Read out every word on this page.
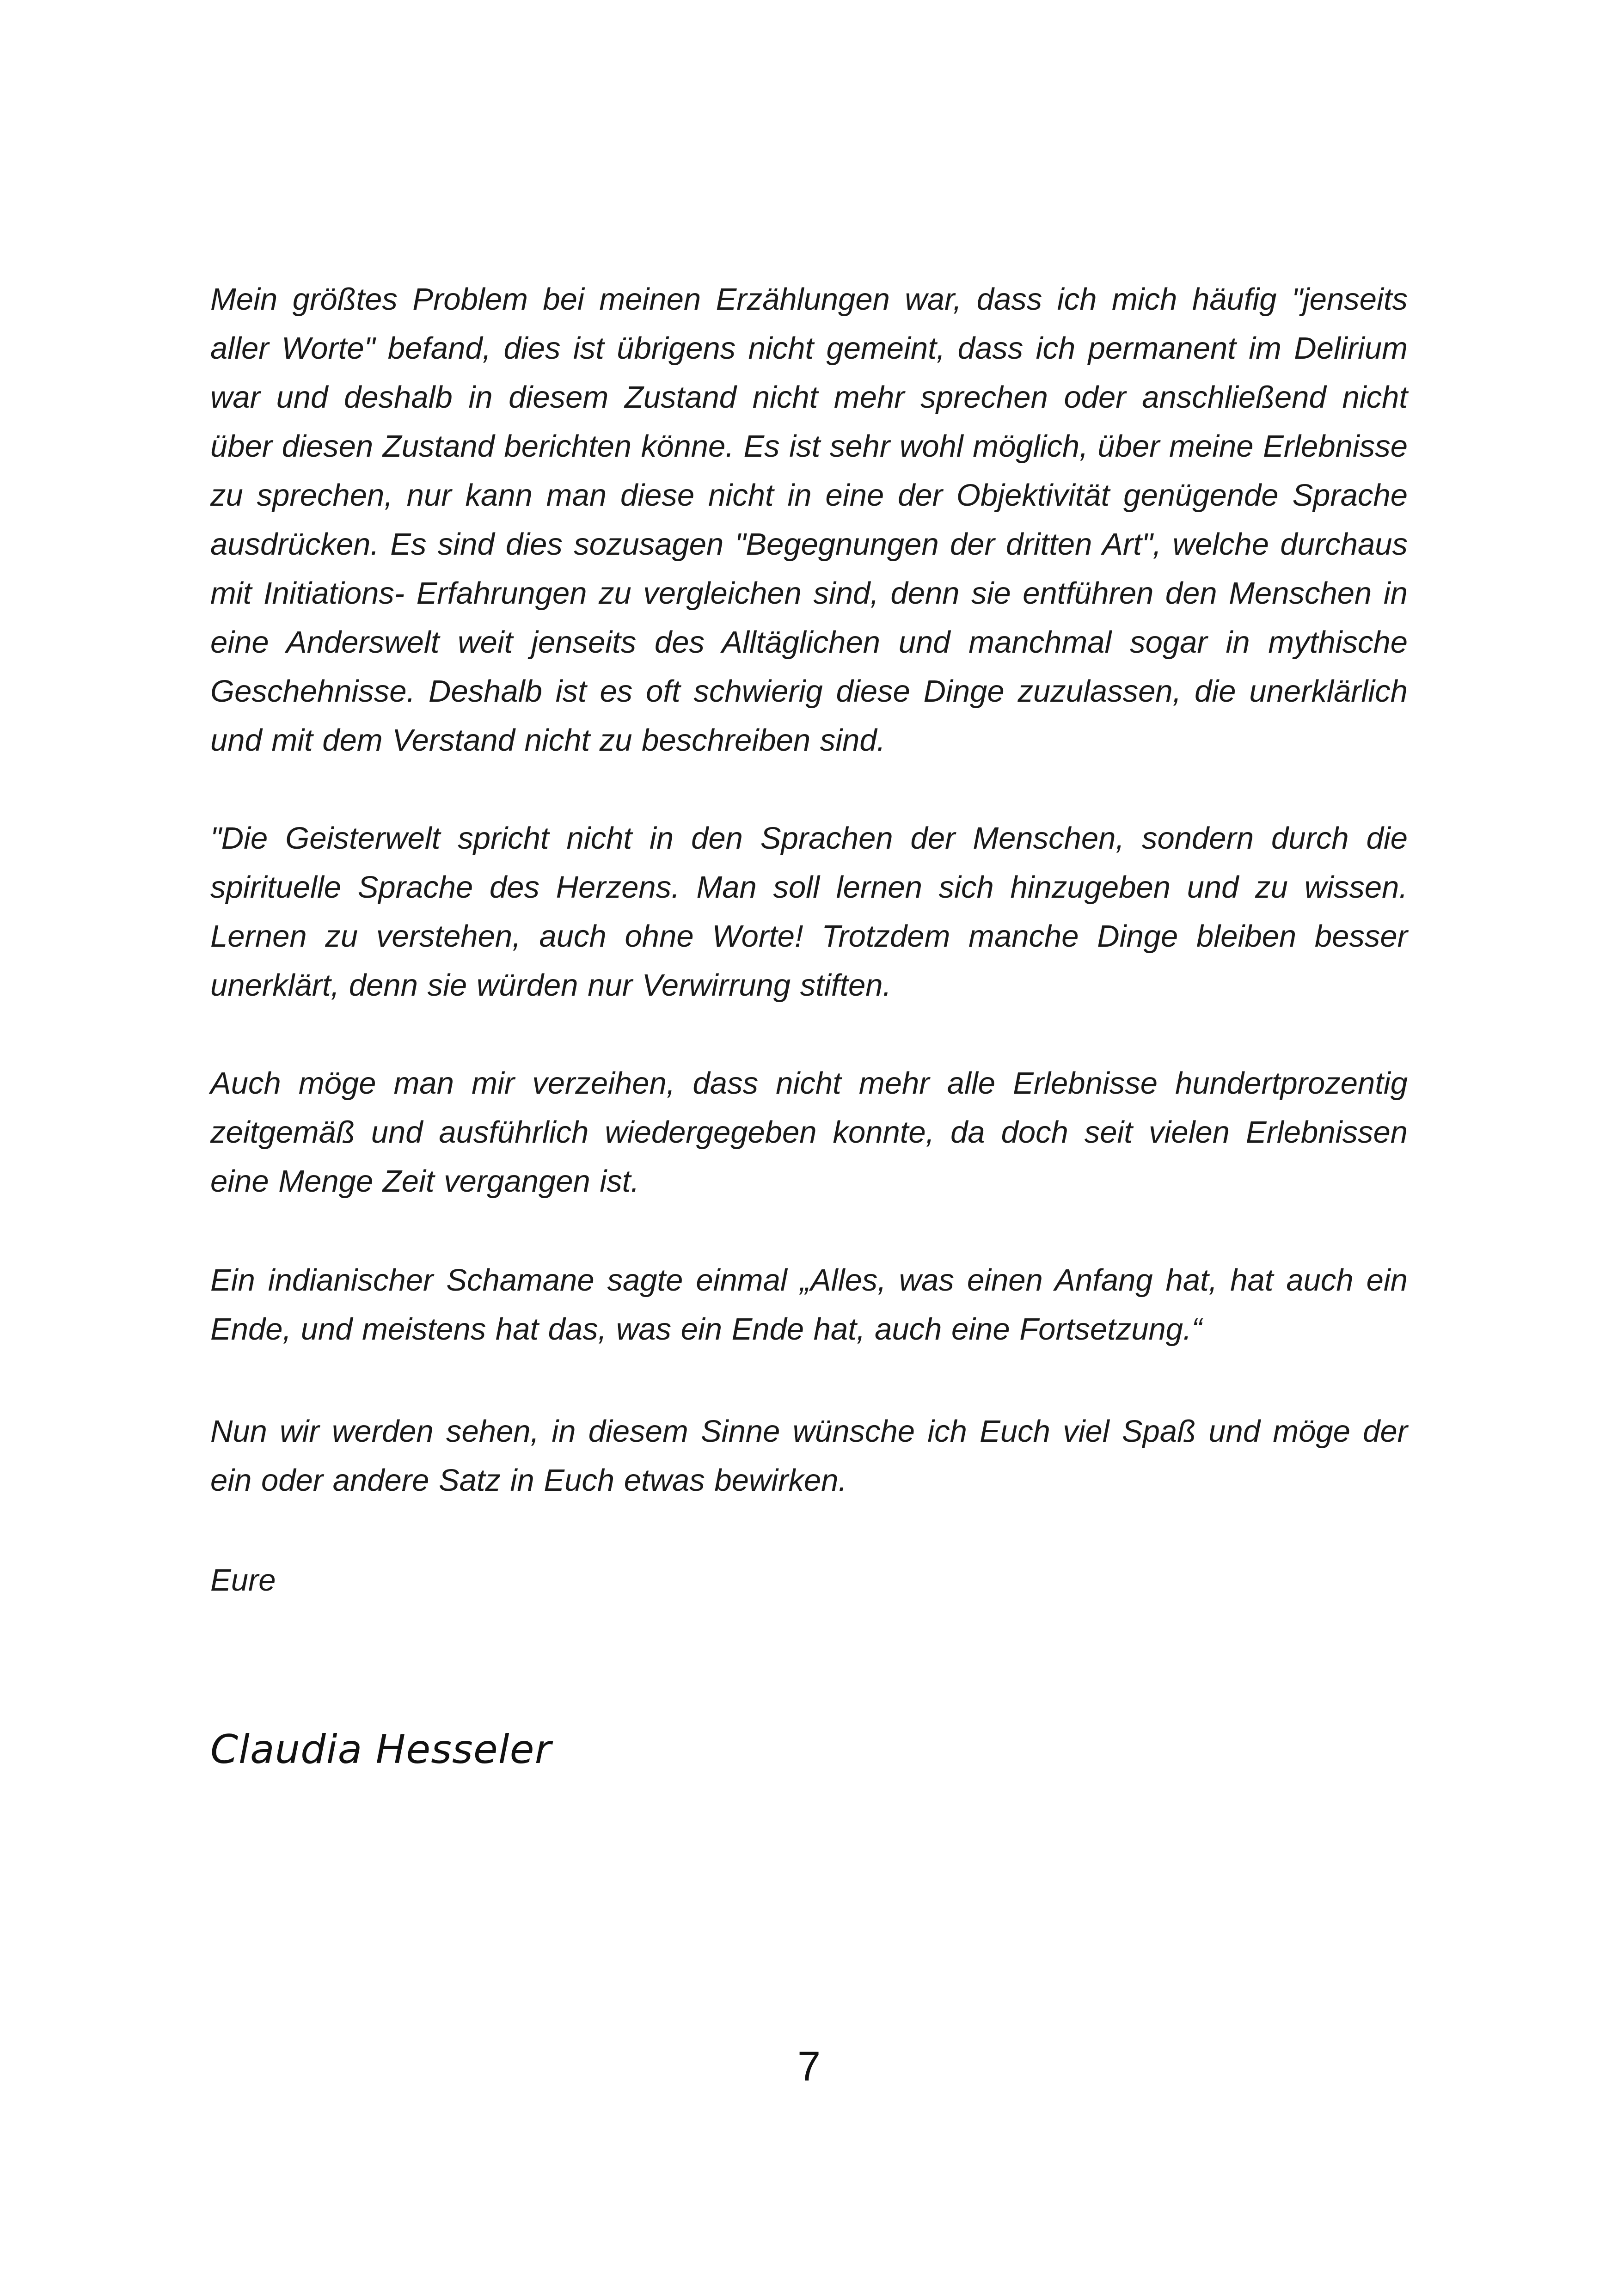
Mein größtes Problem bei meinen Erzählungen war, dass ich mich häufig "jenseits aller Worte" befand, dies ist übrigens nicht gemeint, dass ich permanent im Delirium war und deshalb in diesem Zustand nicht mehr sprechen oder anschließend nicht über diesen Zustand berichten könne. Es ist sehr wohl möglich, über meine Erlebnisse zu sprechen, nur kann man diese nicht in eine der Objektivität genügende Sprache ausdrücken. Es sind dies sozusagen "Begegnungen der dritten Art", welche durchaus mit Initiations- Erfahrungen zu vergleichen sind, denn sie entführen den Menschen in eine Anderswelt weit jenseits des Alltäglichen und manchmal sogar in mythische Geschehnisse. Deshalb ist es oft schwierig diese Dinge zuzulassen, die unerklärlich und mit dem Verstand nicht zu beschreiben sind.

"Die Geisterwelt spricht nicht in den Sprachen der Menschen, sondern durch die spirituelle Sprache des Herzens. Man soll lernen sich hinzugeben und zu wissen. Lernen zu verstehen, auch ohne Worte! Trotzdem manche Dinge bleiben besser unerklärt, denn sie würden nur Verwirrung stiften.

Auch möge man mir verzeihen, dass nicht mehr alle Erlebnisse hundertprozentig zeitgemäß und ausführlich wiedergegeben konnte, da doch seit vielen Erlebnissen eine Menge Zeit vergangen ist.

Ein indianischer Schamane sagte einmal „Alles, was einen Anfang hat, hat auch ein Ende, und meistens hat das, was ein Ende hat, auch eine Fortsetzung.“

Nun wir werden sehen, in diesem Sinne wünsche ich Euch viel Spaß und möge der ein oder andere Satz in Euch etwas bewirken.

Eure

Claudia Hesseler
7
